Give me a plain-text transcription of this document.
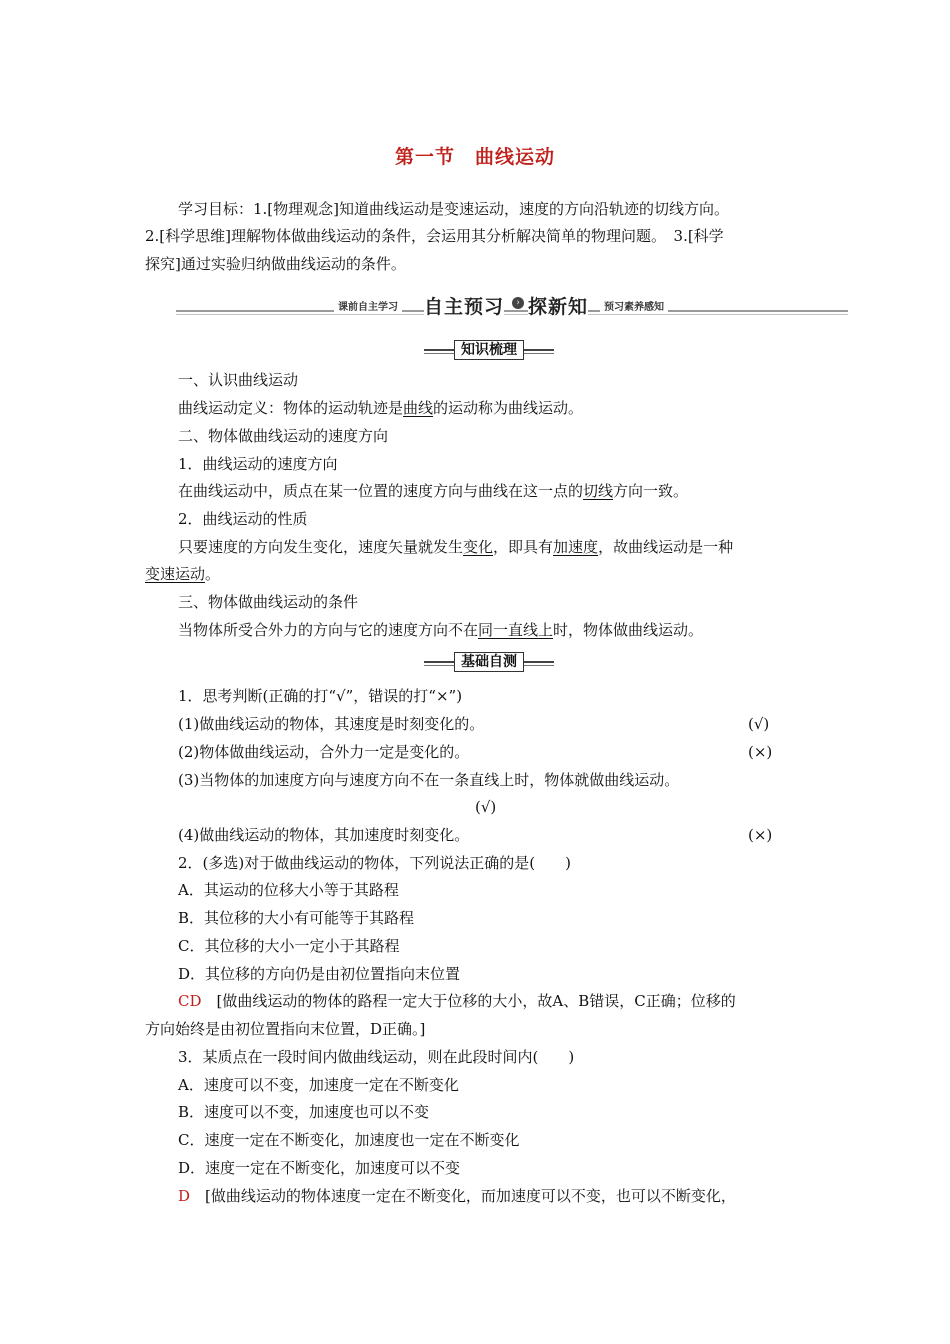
第一节　曲线运动
学习目标：1.[物理观念]知道曲线运动是变速运动，速度的方向沿轨迹的切线方向。
2.[科学思维]理解物体做曲线运动的条件，会运用其分析解决简单的物理问题。　3.[科学
探究]通过实验归纳做曲线运动的条件。
课前自主学习 自主预习	› 探新知	预习素养感知
知识梳理
一、认识曲线运动
曲线运动定义：物体的运动轨迹是曲线的运动称为曲线运动。
二、物体做曲线运动的速度方向
1．曲线运动的速度方向
在曲线运动中，质点在某一位置的速度方向与曲线在这一点的切线方向一致。
2．曲线运动的性质
只要速度的方向发生变化，速度矢量就发生变化，即具有加速度，故曲线运动是一种
变速运动。
三、物体做曲线运动的条件
当物体所受合外力的方向与它的速度方向不在同一直线上时，物体做曲线运动。
基础自测
1．思考判断(正确的打“√”，错误的打“×”)
(1)做曲线运动的物体，其速度是时刻变化的。	(√)
(2)物体做曲线运动，合外力一定是变化的。	(×)
(3)当物体的加速度方向与速度方向不在一条直线上时，物体就做曲线运动。
(√)
(4)做曲线运动的物体，其加速度时刻变化。	(×)
2．(多选)对于做曲线运动的物体，下列说法正确的是(　　)
A．其运动的位移大小等于其路程
B．其位移的大小有可能等于其路程
C．其位移的大小一定小于其路程
D．其位移的方向仍是由初位置指向末位置
CD　[做曲线运动的物体的路程一定大于位移的大小，故A、B错误，C正确；位移的
方向始终是由初位置指向末位置，D正确。]
3．某质点在一段时间内做曲线运动，则在此段时间内(　　)
A．速度可以不变，加速度一定在不断变化
B．速度可以不变，加速度也可以不变
C．速度一定在不断变化，加速度也一定在不断变化
D．速度一定在不断变化，加速度可以不变
D　[做曲线运动的物体速度一定在不断变化，而加速度可以不变，也可以不断变化，
